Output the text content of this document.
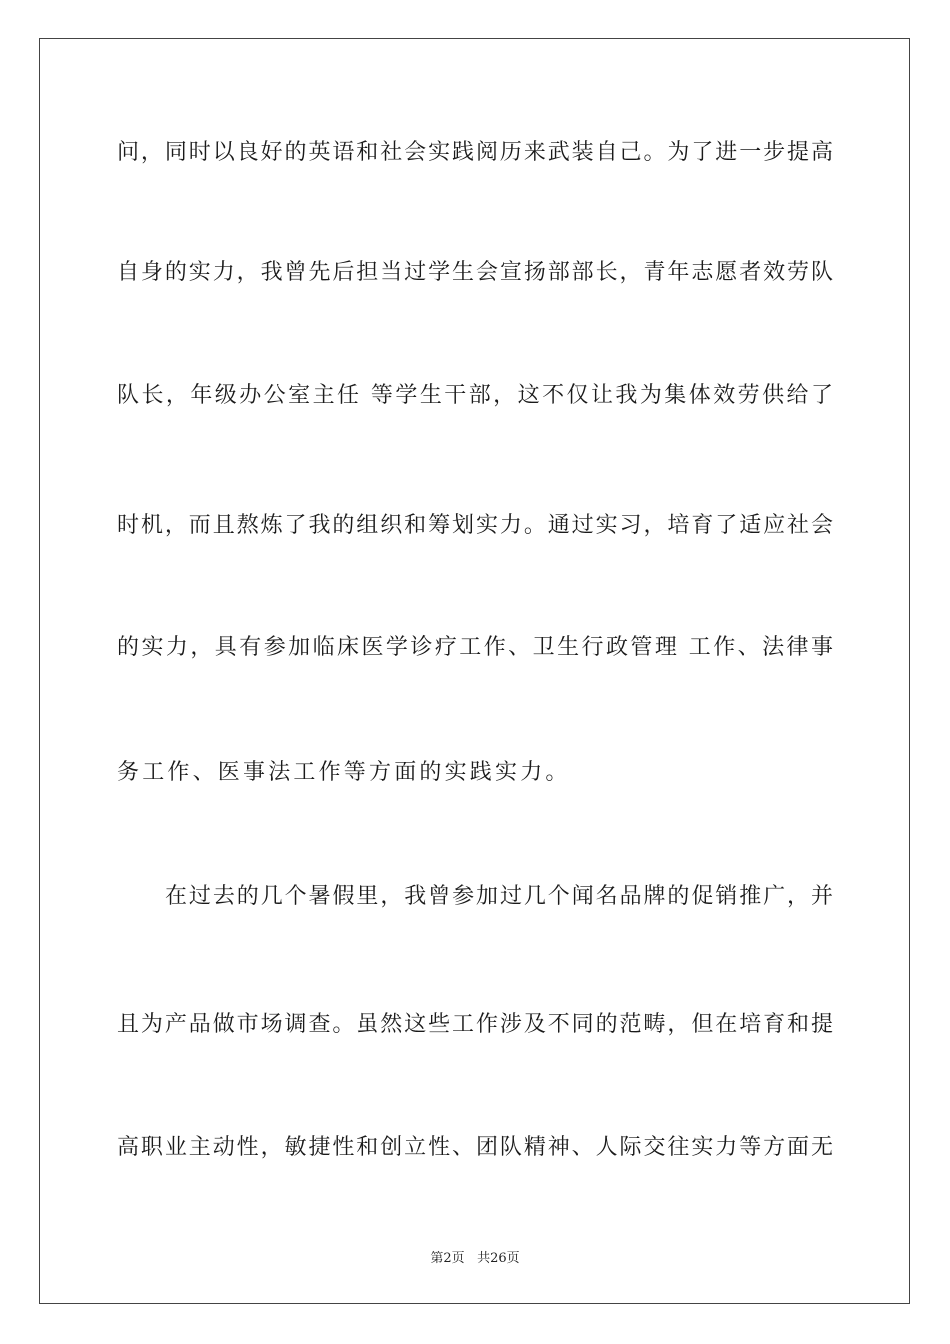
问，同时以良好的英语和社会实践阅历来武装自己。为了进一步提高
自身的实力，我曾先后担当过学生会宣扬部部长，青年志愿者效劳队
队长，年级办公室主任 等学生干部，这不仅让我为集体效劳供给了
时机，而且熬炼了我的组织和筹划实力。通过实习，培育了适应社会
的实力，具有参加临床医学诊疗工作、卫生行政管理 工作、法律事
务工作、医事法工作等方面的实践实力。
在过去的几个暑假里，我曾参加过几个闻名品牌的促销推广，并
且为产品做市场调查。虽然这些工作涉及不同的范畴，但在培育和提
高职业主动性，敏捷性和创立性、团队精神、人际交往实力等方面无
第2页 共26页
